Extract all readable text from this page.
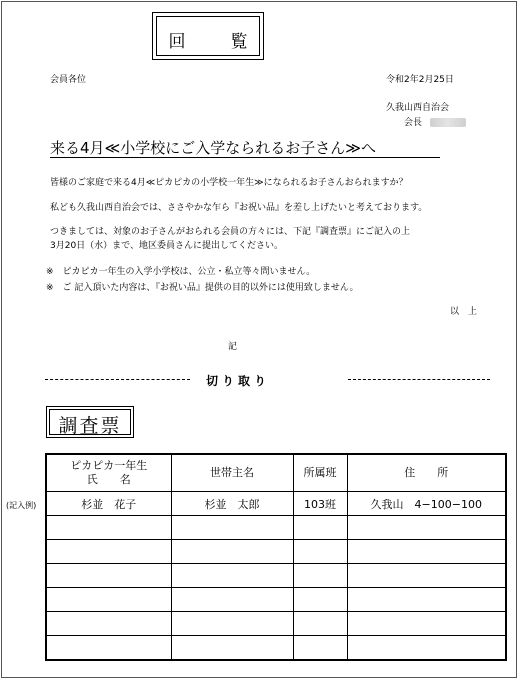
回　覧
会員各位	令和2年2月25日
久我山西自治会
会長
来る4月≪小学校にご入学なられるお子さん≫へ
皆様のご家庭で来る4月≪ピカピカの小学校一年生≫になられるお子さんおられますか？
私ども久我山西自治会では、ささやかな乍ら『お祝い品』を差し上げたいと考えております。
つきましては、対象のお子さんがおられる会員の方々には、下記『調査票』にご記入の上
3月20日（水）まで、地区委員さんに提出してください。
※　ピカピカ一年生の入学小学校は、公立・私立等々問いません。
※　ご 記入頂いた内容は、『お祝い品』提供の目的以外には使用致しません。
以　上
記
切り取り
調査票
(記入例)
ピカピカ一年生
氏　　名	世帯主名	所属班	住　　所
杉並　花子	杉並　太郎	103班	久我山　4−100−100
